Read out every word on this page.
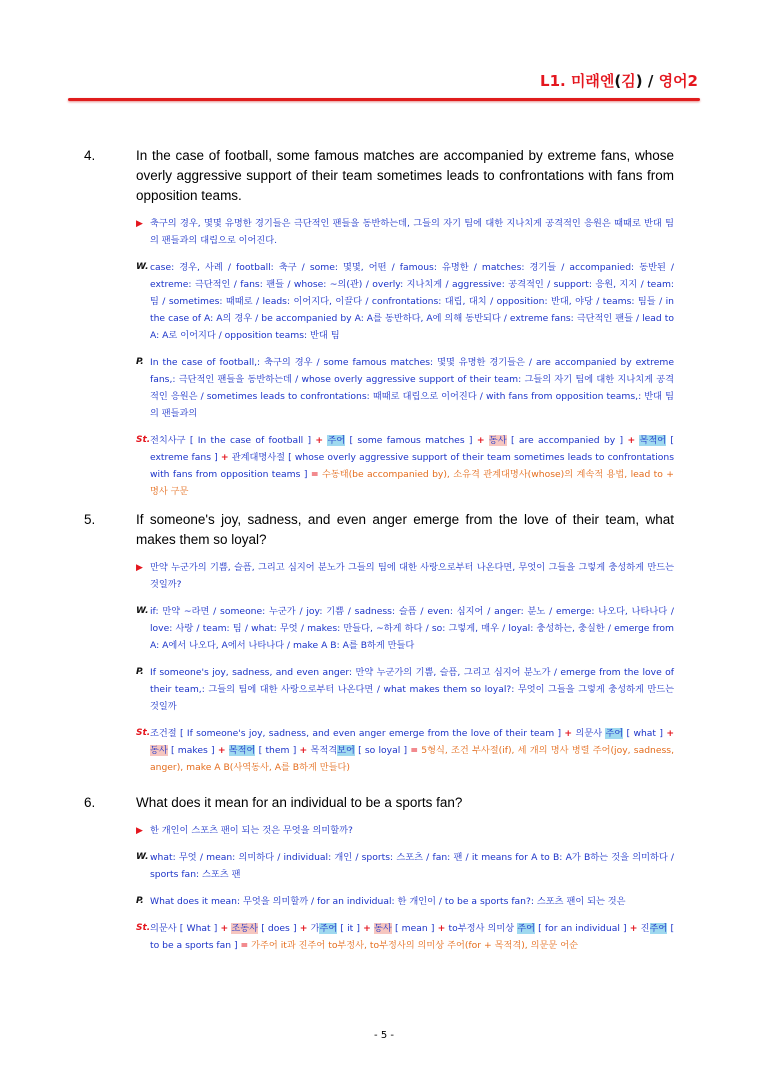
L1. 미래엔(김) / 영어2
4.	In the case of football, some famous matches are accompanied by extreme fans, whose overly aggressive support of their team sometimes leads to confrontations with fans from opposition teams.
▶ 축구의 경우, 몇몇 유명한 경기들은 극단적인 팬들을 동반하는데, 그들의 자기 팀에 대한 지나치게 공격적인 응원은 때때로 반대 팀의 팬들과의 대립으로 이어진다.
W. case: 경우, 사례 / football: 축구 / some: 몇몇, 어떤 / famous: 유명한 / matches: 경기들 / accompanied: 동반된 / extreme: 극단적인 / fans: 팬들 / whose: ~의(관) / overly: 지나치게 / aggressive: 공격적인 / support: 응원, 지지 / team: 팀 / sometimes: 때때로 / leads: 이어지다, 이끌다 / confrontations: 대립, 대치 / opposition: 반대, 야당 / teams: 팀들 / in the case of A: A의 경우 / be accompanied by A: A를 동반하다, A에 의해 동반되다 / extreme fans: 극단적인 팬들 / lead to A: A로 이어지다 / opposition teams: 반대 팀
P. In the case of football,: 축구의 경우 / some famous matches: 몇몇 유명한 경기들은 / are accompanied by extreme fans,: 극단적인 팬들을 동반하는데 / whose overly aggressive support of their team: 그들의 자기 팀에 대한 지나치게 공격적인 응원은 / sometimes leads to confrontations: 때때로 대립으로 이어진다 / with fans from opposition teams,: 반대 팀의 팬들과의
St. 전치사구 [ In the case of football ] + 주어 [ some famous matches ] + 동사 [ are accompanied by ] + 목적어 [ extreme fans ] + 관계대명사절 [ whose overly aggressive support of their team sometimes leads to confrontations with fans from opposition teams ] = 수동태(be accompanied by), 소유격 관계대명사(whose)의 계속적 용법, lead to + 명사 구문
5.	If someone's joy, sadness, and even anger emerge from the love of their team, what makes them so loyal?
▶ 만약 누군가의 기쁨, 슬픔, 그리고 심지어 분노가 그들의 팀에 대한 사랑으로부터 나온다면, 무엇이 그들을 그렇게 충성하게 만드는 것일까?
W. if: 만약 ~라면 / someone: 누군가 / joy: 기쁨 / sadness: 슬픔 / even: 심지어 / anger: 분노 / emerge: 나오다, 나타나다 / love: 사랑 / team: 팀 / what: 무엇 / makes: 만들다, ~하게 하다 / so: 그렇게, 매우 / loyal: 충성하는, 충실한 / emerge from A: A에서 나오다, A에서 나타나다 / make A B: A를 B하게 만들다
P. If someone's joy, sadness, and even anger: 만약 누군가의 기쁨, 슬픔, 그리고 심지어 분노가 / emerge from the love of their team,: 그들의 팀에 대한 사랑으로부터 나온다면 / what makes them so loyal?: 무엇이 그들을 그렇게 충성하게 만드는 것일까
St. 조건절 [ If someone's joy, sadness, and even anger emerge from the love of their team ] + 의문사 주어 [ what ] + 동사 [ makes ] + 목적어 [ them ] + 목적격보어 [ so loyal ] = 5형식, 조건 부사절(if), 세 개의 명사 병렬 주어(joy, sadness, anger), make A B(사역동사, A를 B하게 만들다)
6.	What does it mean for an individual to be a sports fan?
▶ 한 개인이 스포츠 팬이 되는 것은 무엇을 의미할까?
W. what: 무엇 / mean: 의미하다 / individual: 개인 / sports: 스포츠 / fan: 팬 / it means for A to B: A가 B하는 것을 의미하다 / sports fan: 스포츠 팬
P. What does it mean: 무엇을 의미할까 / for an individual: 한 개인이 / to be a sports fan?: 스포츠 팬이 되는 것은
St. 의문사 [ What ] + 조동사 [ does ] + 가주어 [ it ] + 동사 [ mean ] + to부정사 의미상 주어 [ for an individual ] + 진주어 [ to be a sports fan ] = 가주어 it과 진주어 to부정사, to부정사의 의미상 주어(for + 목적격), 의문문 어순
- 5 -
